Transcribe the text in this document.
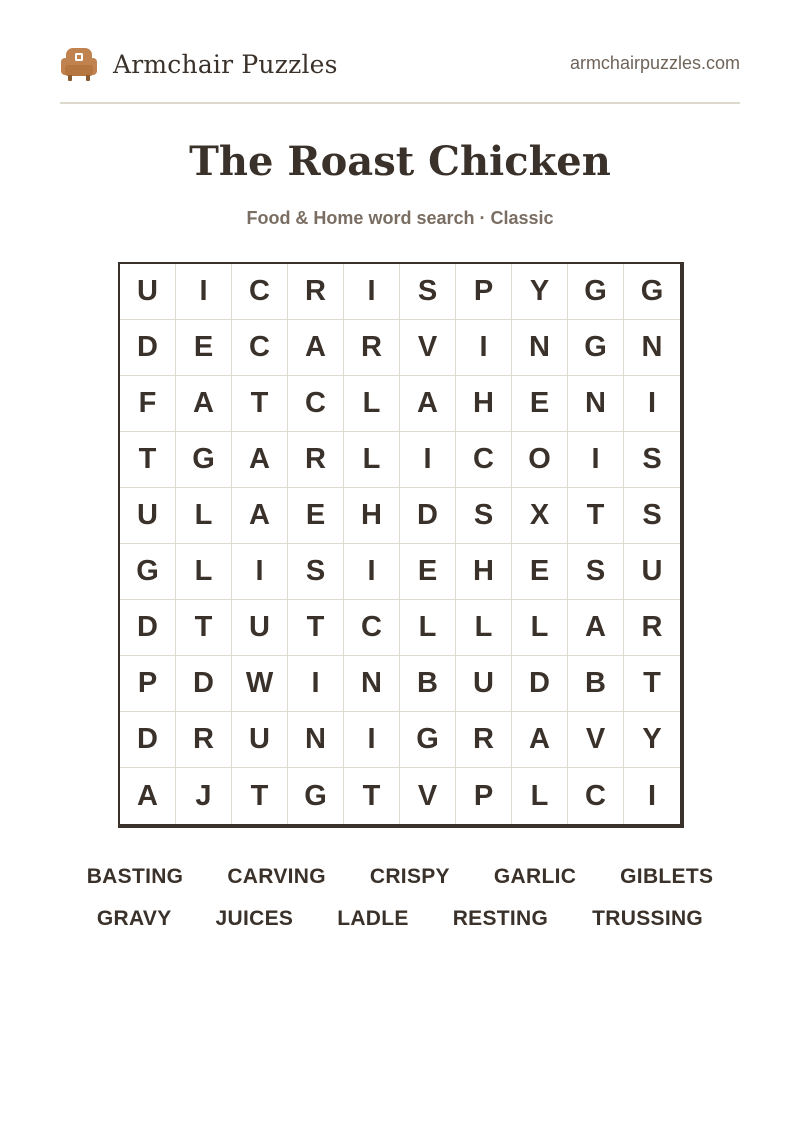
Armchair Puzzles	armchairpuzzles.com
The Roast Chicken
Food & Home word search · Classic
U	I	C	R	I	S	P	Y	G	G
D	E	C	A	R	V	I	N	G	N
F	A	T	C	L	A	H	E	N	I
T	G	A	R	L	I	C	O	I	S
U	L	A	E	H	D	S	X	T	S
G	L	I	S	I	E	H	E	S	U
D	T	U	T	C	L	L	L	A	R
P	D	W	I	N	B	U	D	B	T
D	R	U	N	I	G	R	A	V	Y
A	J	T	G	T	V	P	L	C	I
BASTING CARVING CRISPY GARLIC GIBLETS
GRAVY JUICES LADLE RESTING TRUSSING
